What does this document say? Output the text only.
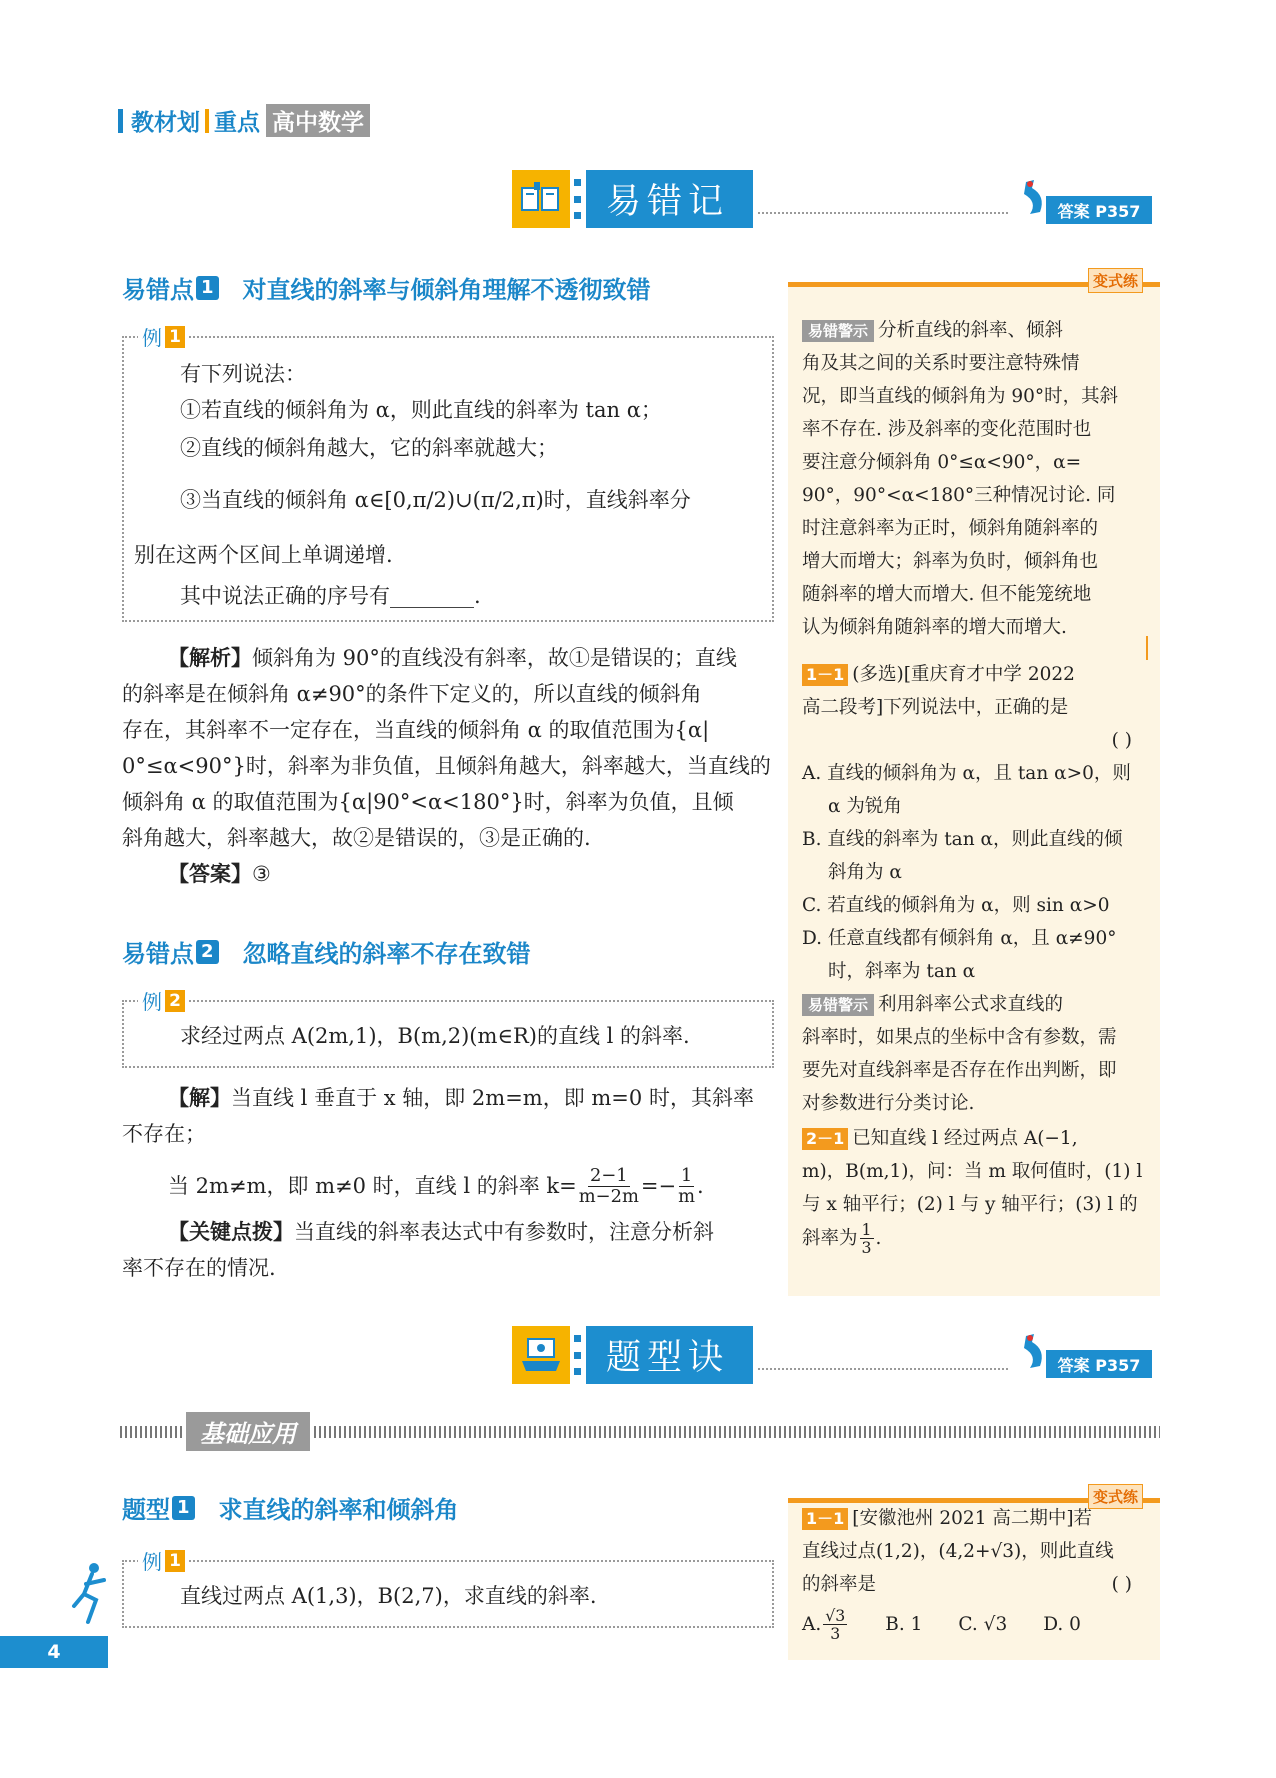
教材划 重点 高中数学
易错记	答案 P357
易错点 1 对直线的斜率与倾斜角理解不透彻致错
例 1
有下列说法：
①若直线的倾斜角为 α，则此直线的斜率为 tan α；
②直线的倾斜角越大，它的斜率就越大；
③当直线的倾斜角 α∈[0,π/2)∪(π/2,π)时，直线斜率分
别在这两个区间上单调递增.
其中说法正确的序号有________.
【解析】倾斜角为 90°的直线没有斜率，故①是错误的；直线
的斜率是在倾斜角 α≠90°的条件下定义的，所以直线的倾斜角
存在，其斜率不一定存在，当直线的倾斜角 α 的取值范围为{α|
0°≤α<90°}时，斜率为非负值，且倾斜角越大，斜率越大，当直线的
倾斜角 α 的取值范围为{α|90°<α<180°}时，斜率为负值，且倾
斜角越大，斜率越大，故②是错误的，③是正确的.
【答案】③
易错点 2 忽略直线的斜率不存在致错
例 2
求经过两点 A(2m,1)，B(m,2)(m∈R)的直线 l 的斜率.
【解】当直线 l 垂直于 x 轴，即 2m=m，即 m=0 时，其斜率
不存在；
当 2m≠m，即 m≠0 时，直线 l 的斜率 $k= \frac{2-1}{m-2m} =- \frac{1}{m}$ .
【关键点拨】当直线的斜率表达式中有参数时，注意分析斜
率不存在的情况.
变式练
易错警示 分析直线的斜率、倾斜
角及其之间的关系时要注意特殊情
况，即当直线的倾斜角为 90°时，其斜
率不存在. 涉及斜率的变化范围时也
要注意分倾斜角 0°≤α<90°，α=
90°，90°<α<180°三种情况讨论. 同
时注意斜率为正时，倾斜角随斜率的
增大而增大；斜率为负时，倾斜角也
随斜率的增大而增大. 但不能笼统地
认为倾斜角随斜率的增大而增大.
1－1 (多选)[重庆育才中学 2022
高二段考]下列说法中，正确的是
( )
A. 直线的倾斜角为 α，且 tan α>0，则
α 为锐角
B. 直线的斜率为 tan α，则此直线的倾
斜角为 α
C. 若直线的倾斜角为 α，则 sin α>0
D. 任意直线都有倾斜角 α，且 α≠90°
时，斜率为 tan α
易错警示 利用斜率公式求直线的
斜率时，如果点的坐标中含有参数，需
要先对直线斜率是否存在作出判断，即
对参数进行分类讨论.
2－1 已知直线 l 经过两点 A(−1,
m)，B(m,1)，问：当 m 取何值时，(1) l
与 x 轴平行；(2) l 与 y 轴平行；(3) l 的
斜率为 $\frac{1}{3}$ .
题型诀	答案 P357
基础应用
题型 1 求直线的斜率和倾斜角
例 1
直线过两点 A(1,3)，B(2,7)，求直线的斜率.
变式练
1－1 [安徽池州 2021 高二期中]若
直线过点(1,2)，(4,2+√3)，则此直线
的斜率是	( )
A. $\frac{√3}{3} B$. 1 C. √3 D. 0
4
